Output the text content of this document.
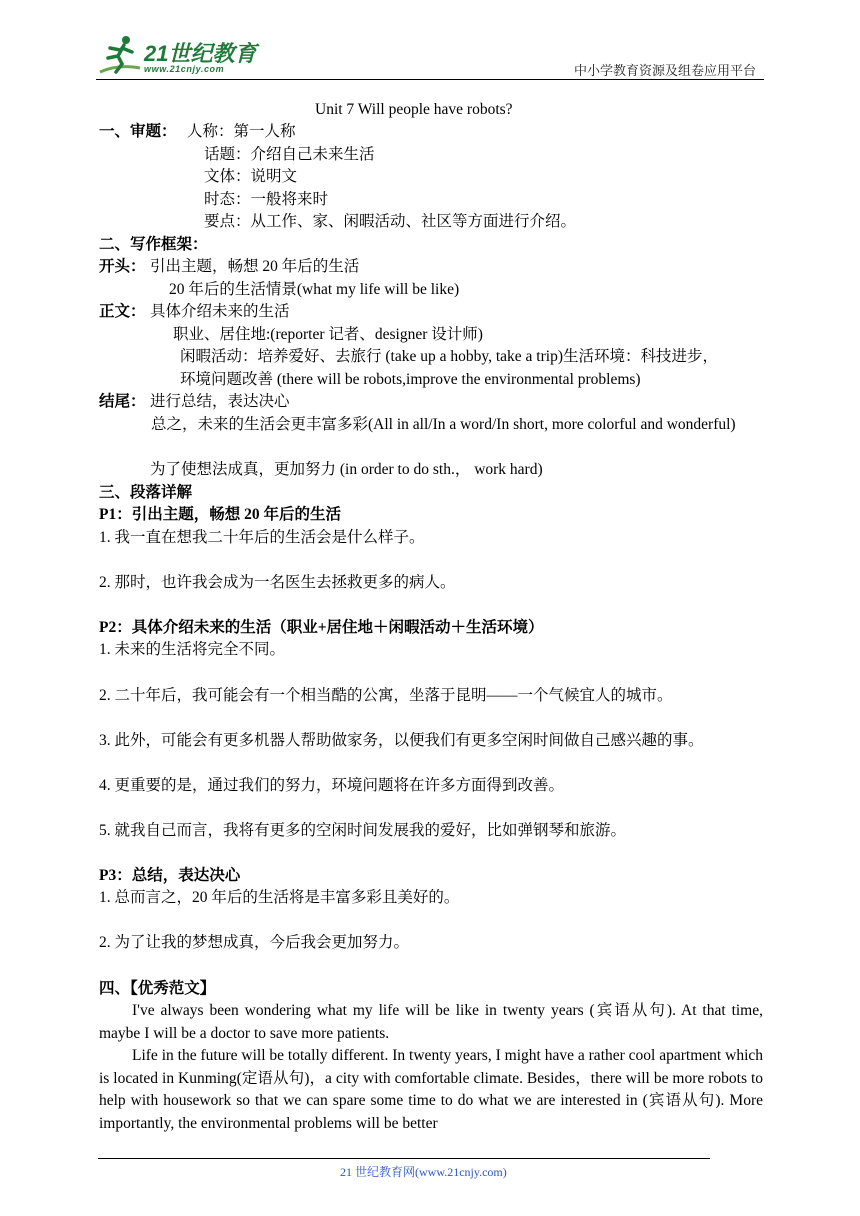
21世纪教育
www.21cnjy.com	中小学教育资源及组卷应用平台
Unit 7 Will people have robots?
一、审题： 人称：第一人称
话题：介绍自己未来生活
文体：说明文
时态：一般将来时
要点：从工作、家、闲暇活动、社区等方面进行介绍。
二、写作框架：
开头： 引出主题，畅想 20 年后的生活
20 年后的生活情景(what my life will be like)
正文： 具体介绍未来的生活
职业、居住地:(reporter 记者、designer 设计师)
闲暇活动：培养爱好、去旅行 (take up a hobby, take a trip)生活环境：科技进步，
环境问题改善 (there will be robots,improve the environmental problems)
结尾： 进行总结，表达决心
总之，未来的生活会更丰富多彩(All in all/In a word/In short, more colorful and wonderful)
为了使想法成真，更加努力 (in order to do sth.， work hard)
三、段落详解
P1：引出主题，畅想 20 年后的生活
1. 我一直在想我二十年后的生活会是什么样子。
2. 那时，也许我会成为一名医生去拯救更多的病人。
P2：具体介绍未来的生活（职业+居住地＋闲暇活动＋生活环境）
1. 未来的生活将完全不同。
2. 二十年后，我可能会有一个相当酷的公寓，坐落于昆明——一个气候宜人的城市。
3. 此外，可能会有更多机器人帮助做家务，以便我们有更多空闲时间做自己感兴趣的事。
4. 更重要的是，通过我们的努力，环境问题将在许多方面得到改善。
5. 就我自己而言，我将有更多的空闲时间发展我的爱好，比如弹钢琴和旅游。
P3：总结，表达决心
1. 总而言之，20 年后的生活将是丰富多彩且美好的。
2. 为了让我的梦想成真，今后我会更加努力。
四、【优秀范文】
I've always been wondering what my life will be like in twenty years (宾语从句). At that time, maybe I will be a doctor to save more patients.
Life in the future will be totally different. In twenty years, I might have a rather cool apartment which is located in Kunming(定语从句)，a city with comfortable climate. Besides，there will be more robots to help with housework so that we can spare some time to do what we are interested in (宾语从句). More importantly, the environmental problems will be better
21 世纪教育网(www.21cnjy.com)
